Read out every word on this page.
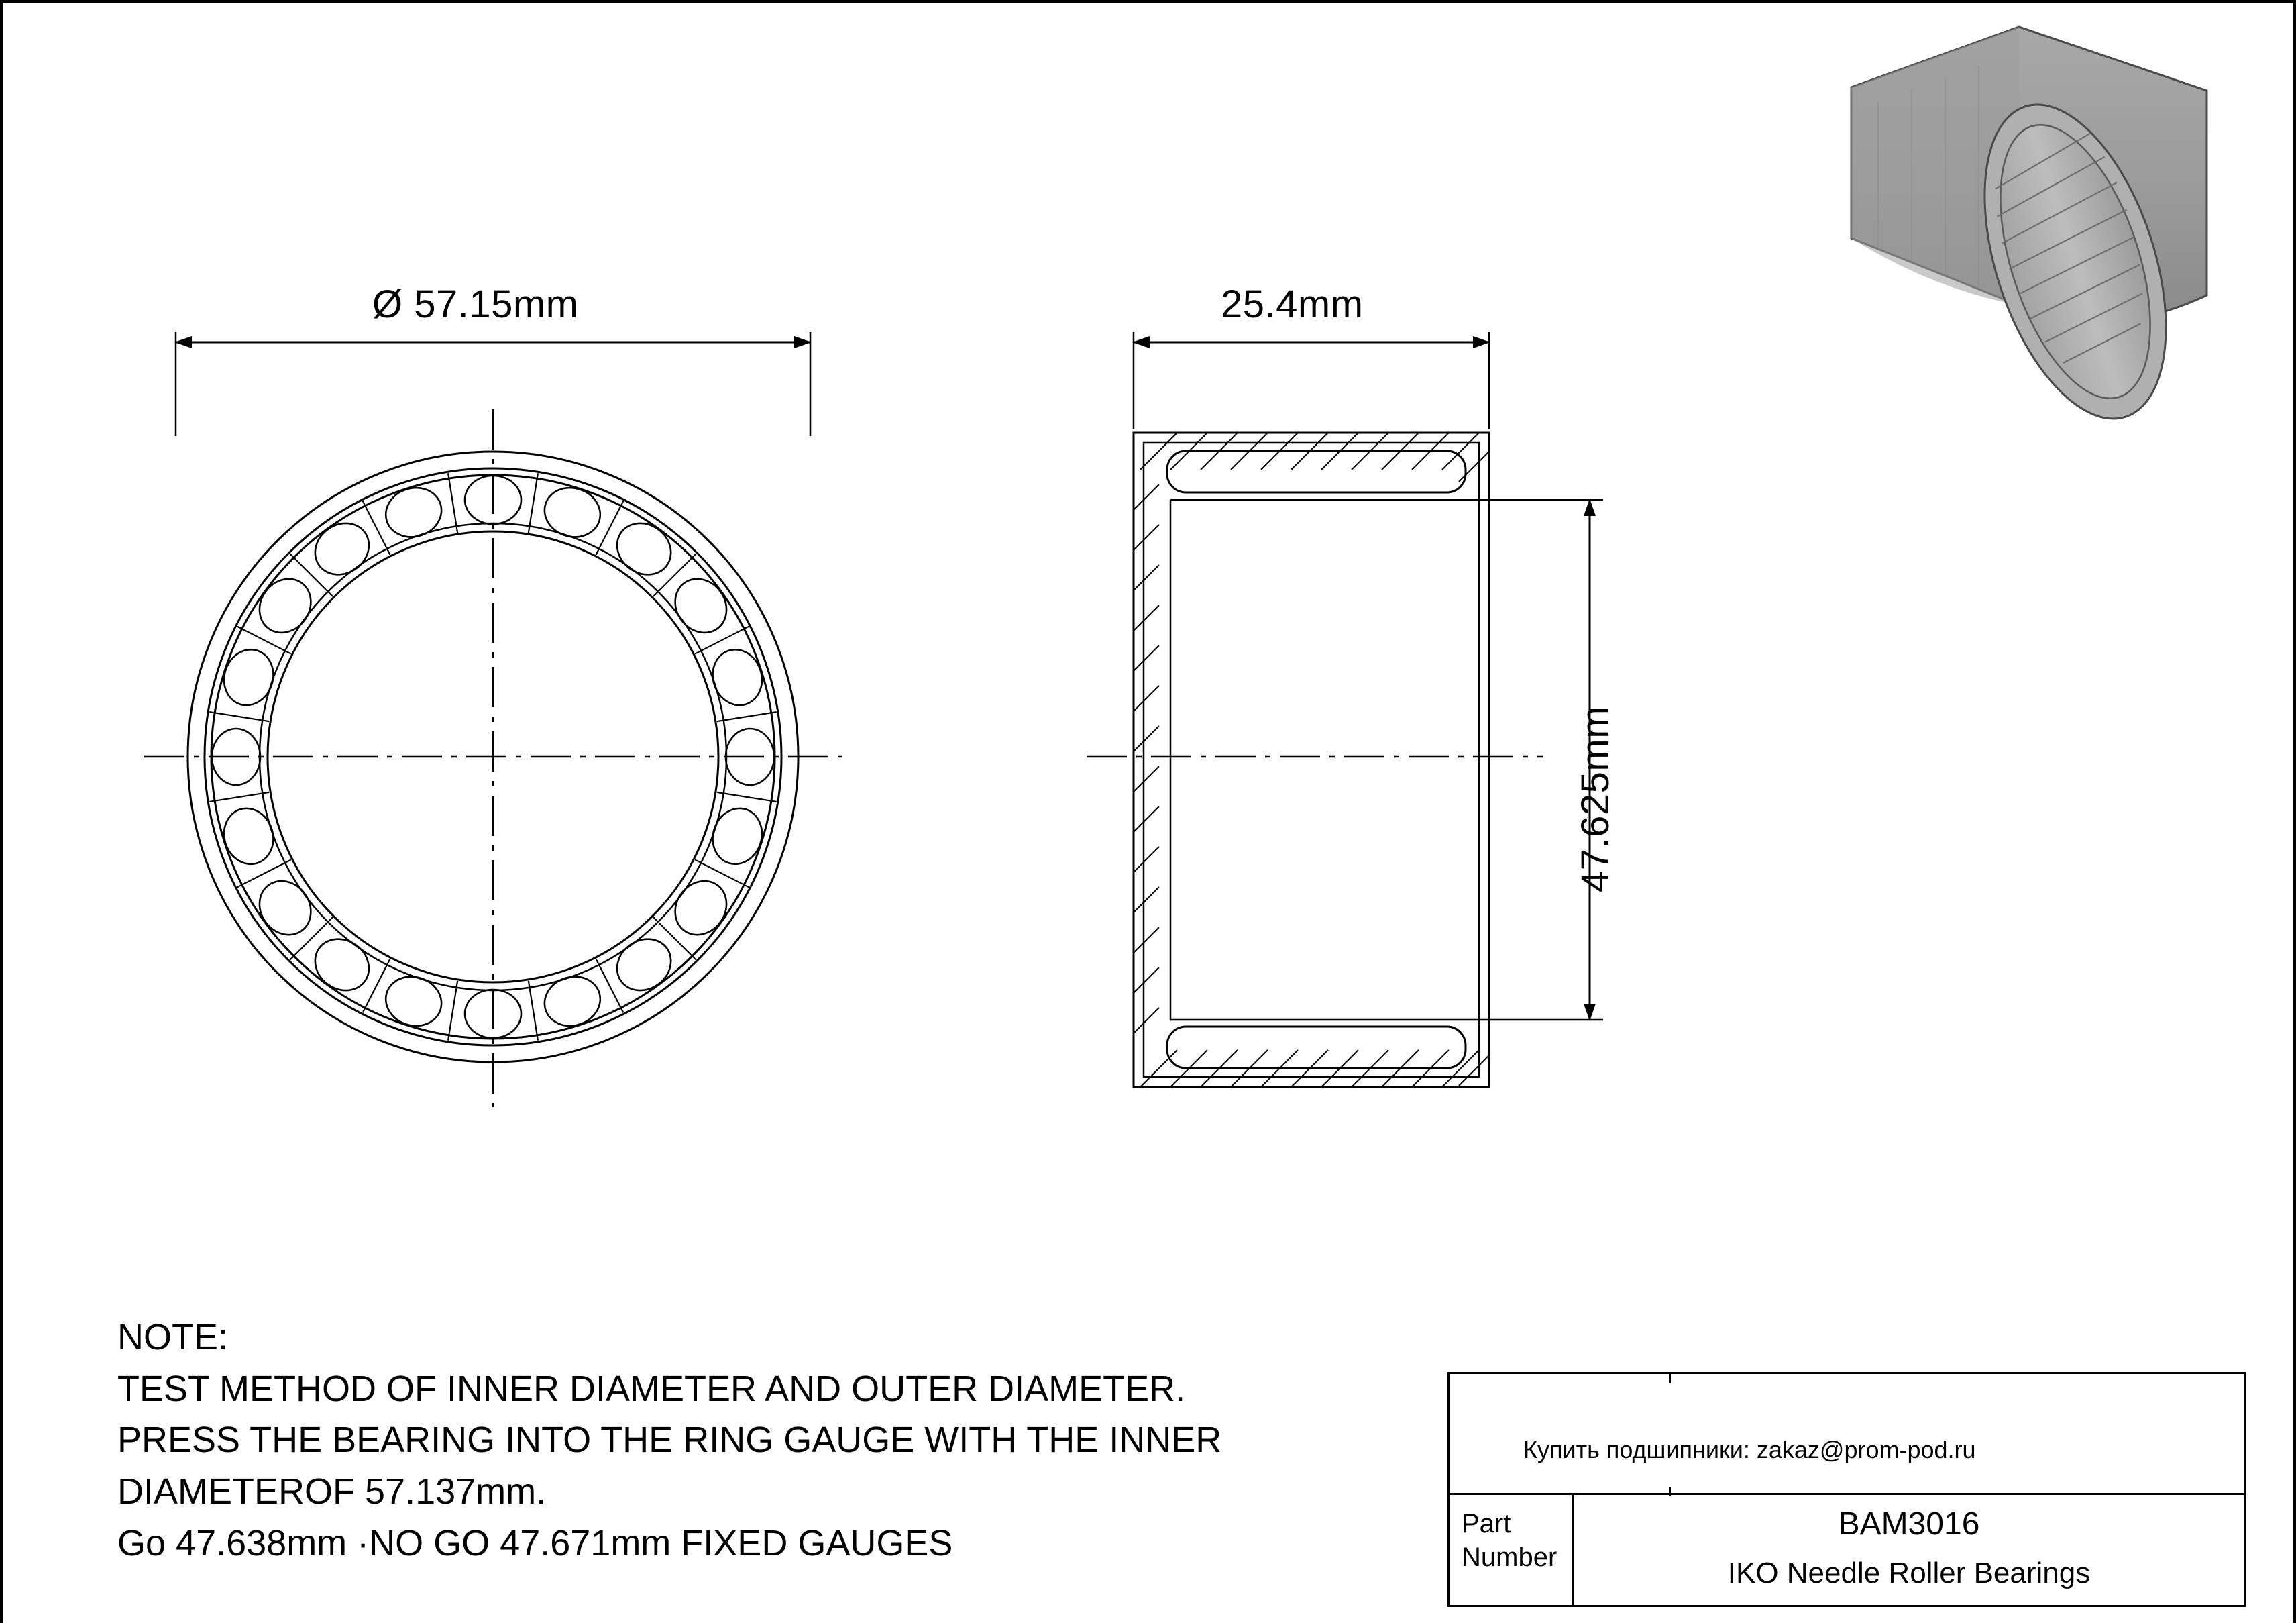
Ø 57.15mm	25.4mm
47.625mm
NOTE:
TEST METHOD OF INNER DIAMETER AND OUTER DIAMETER.
PRESS THE BEARING INTO THE RING GAUGE WITH THE INNER
DIAMETEROF 57.137mm.
Go 47.638mm ·NO GO 47.671mm FIXED GAUGES
Купить подшипники: zakaz@prom-pod.ru
Part
Number
BAM3016
IKO Needle Roller Bearings
